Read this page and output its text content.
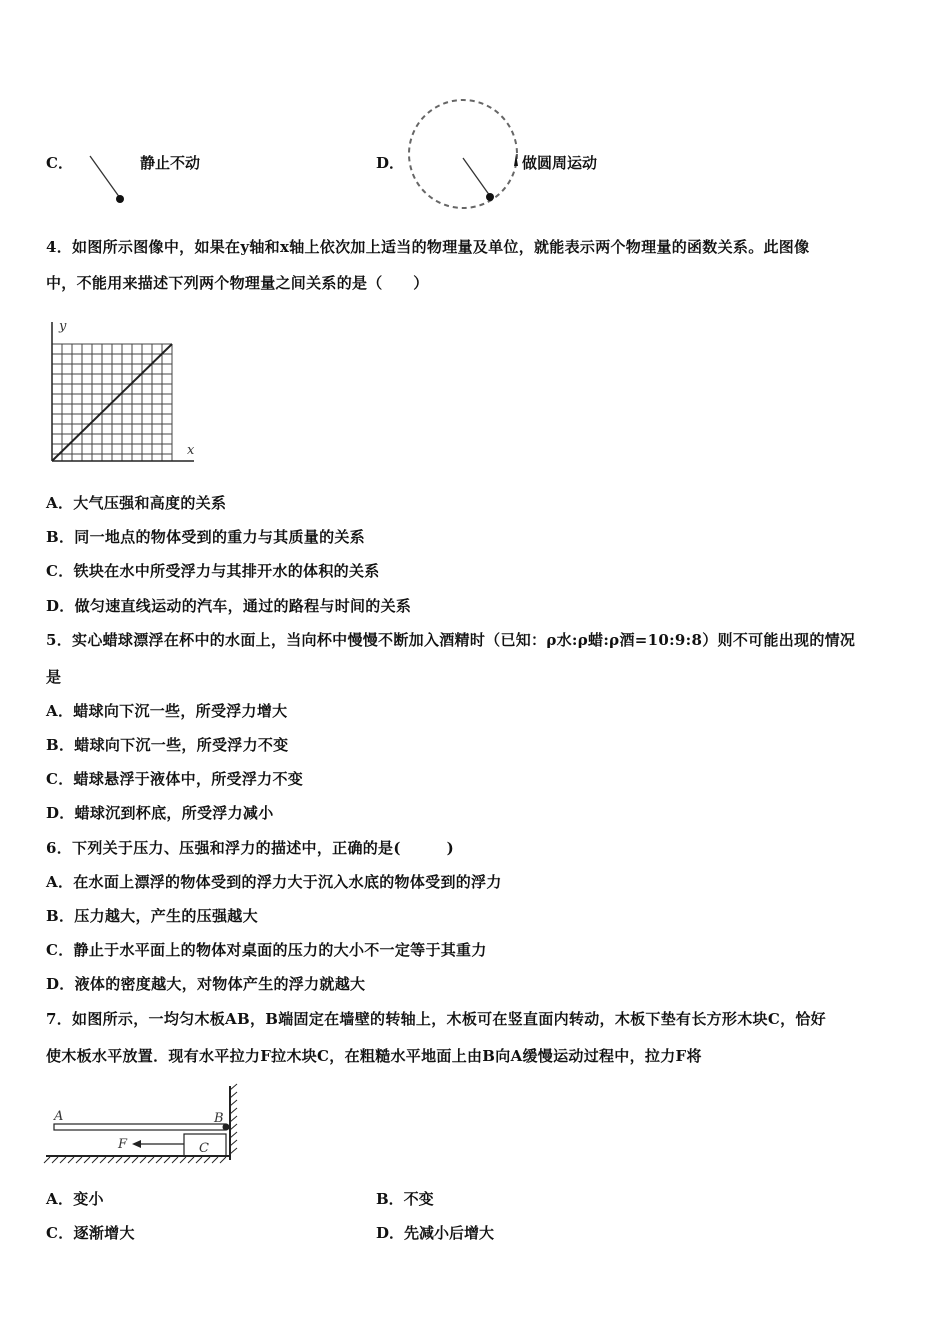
C．	静止不动	D．	做圆周运动
4．如图所示图像中，如果在y轴和x轴上依次加上适当的物理量及单位，就能表示两个物理量的函数关系。此图像
中，不能用来描述下列两个物理量之间关系的是（　　）
y
x
A．大气压强和高度的关系
B．同一地点的物体受到的重力与其质量的关系
C．铁块在水中所受浮力与其排开水的体积的关系
D．做匀速直线运动的汽车，通过的路程与时间的关系
5．实心蜡球漂浮在杯中的水面上，当向杯中慢慢不断加入酒精时（已知：ρ水:ρ蜡:ρ酒=10:9:8）则不可能出现的情况
是
A．蜡球向下沉一些，所受浮力增大
B．蜡球向下沉一些，所受浮力不变
C．蜡球悬浮于液体中，所受浮力不变
D．蜡球沉到杯底，所受浮力减小
6．下列关于压力、压强和浮力的描述中，正确的是(　　　)
A．在水面上漂浮的物体受到的浮力大于沉入水底的物体受到的浮力
B．压力越大，产生的压强越大
C．静止于水平面上的物体对桌面的压力的大小不一定等于其重力
D．液体的密度越大，对物体产生的浮力就越大
7．如图所示，一均匀木板AB，B端固定在墙壁的转轴上，木板可在竖直面内转动，木板下垫有长方形木块C，恰好
使木板水平放置．现有水平拉力F拉木块C，在粗糙水平地面上由B向A缓慢运动过程中，拉力F将
A	B
F	C
A．变小	B．不变
C．逐渐增大	D．先减小后增大
